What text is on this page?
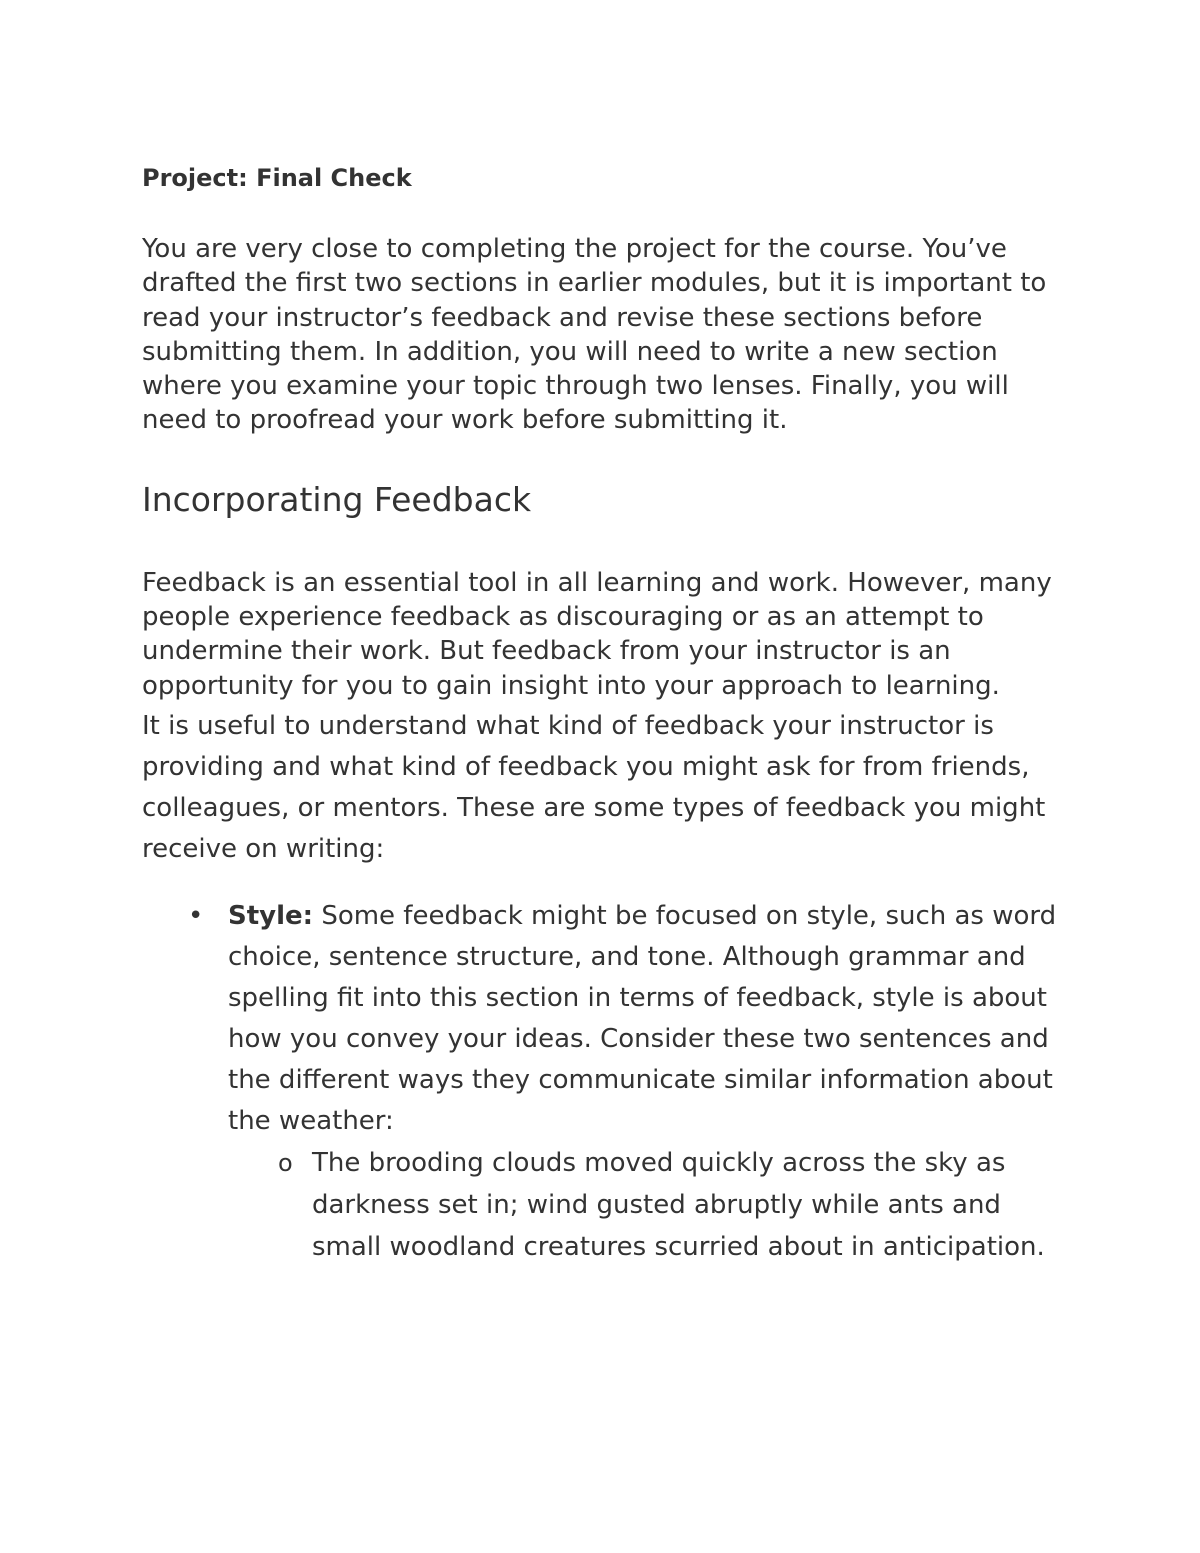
Project: Final Check

You are very close to completing the project for the course. You’ve drafted the first two sections in earlier modules, but it is important to read your instructor’s feedback and revise these sections before submitting them. In addition, you will need to write a new section where you examine your topic through two lenses. Finally, you will need to proofread your work before submitting it.

Incorporating Feedback

Feedback is an essential tool in all learning and work. However, many people experience feedback as discouraging or as an attempt to undermine their work. But feedback from your instructor is an opportunity for you to gain insight into your approach to learning.

It is useful to understand what kind of feedback your instructor is providing and what kind of feedback you might ask for from friends, colleagues, or mentors. These are some types of feedback you might receive on writing:

• Style: Some feedback might be focused on style, such as word choice, sentence structure, and tone. Although grammar and spelling fit into this section in terms of feedback, style is about how you convey your ideas. Consider these two sentences and the different ways they communicate similar information about the weather:
o The brooding clouds moved quickly across the sky as darkness set in; wind gusted abruptly while ants and small woodland creatures scurried about in anticipation.
